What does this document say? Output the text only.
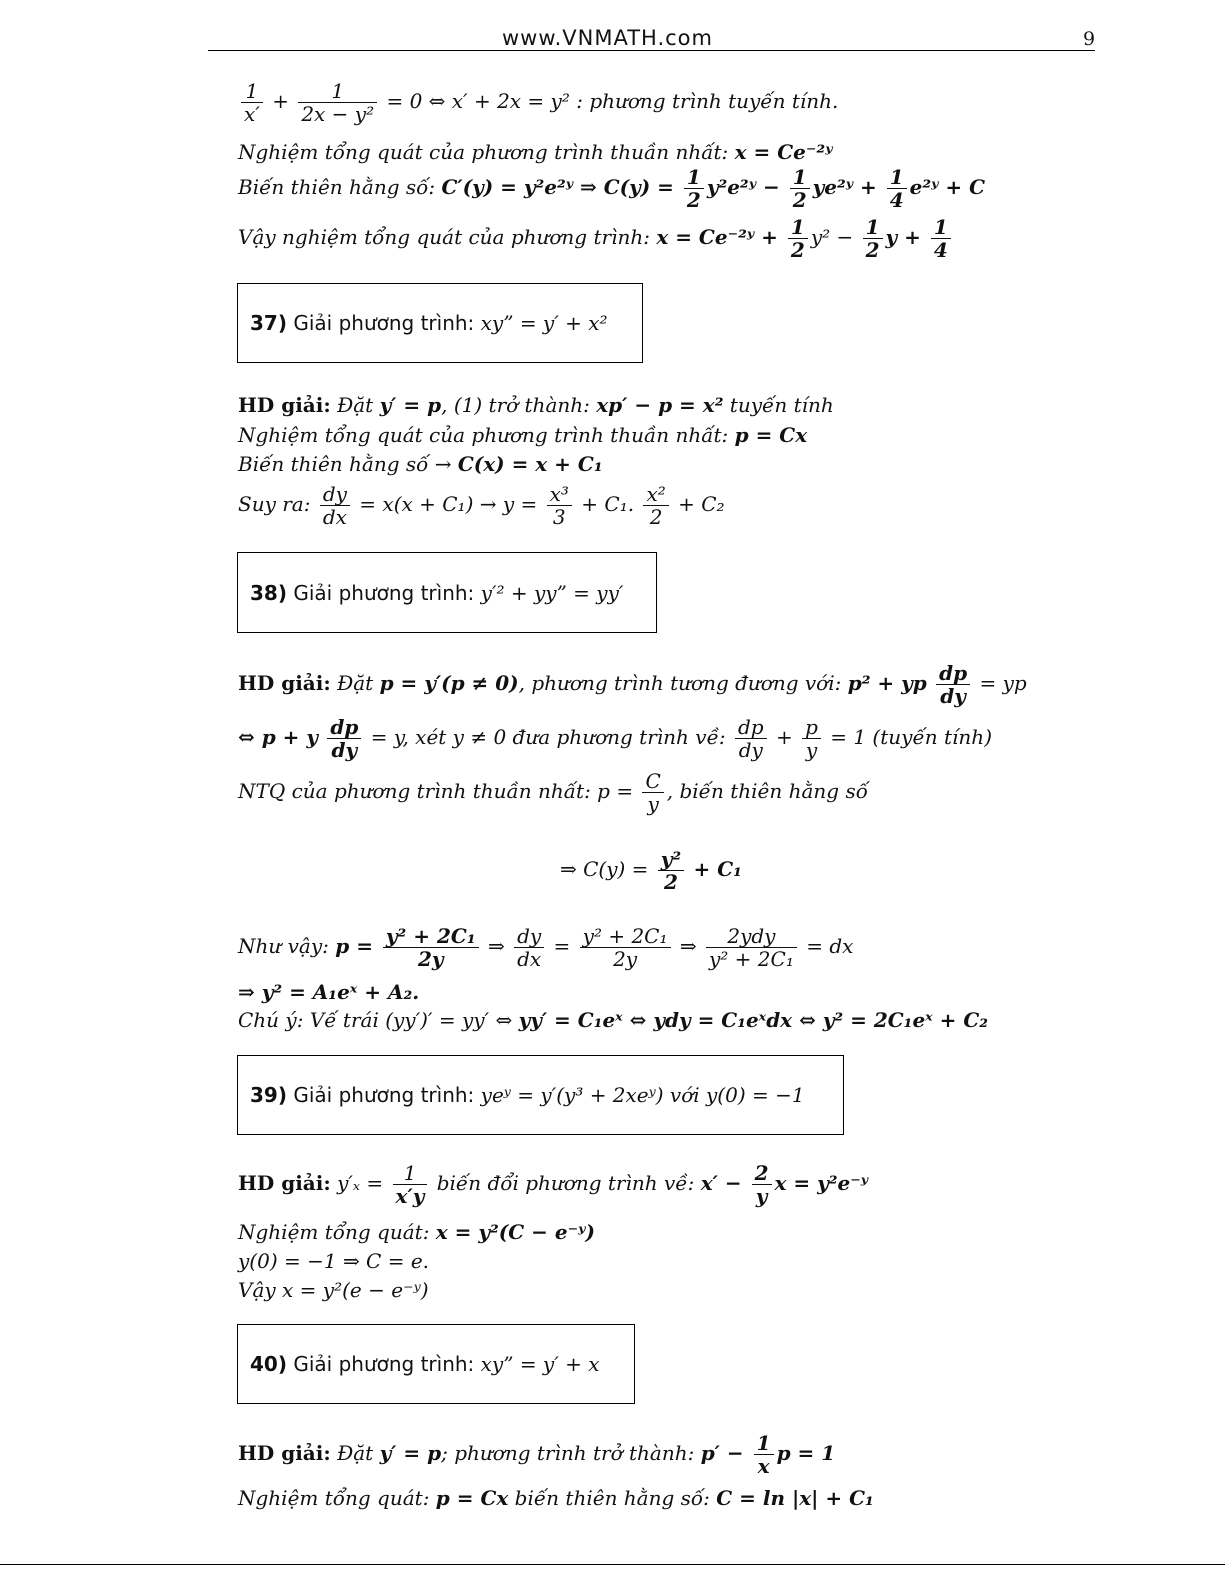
www.VNMATH.com	9
$\frac{1}{x'} + \frac{1}{\text{2x − y²}} = 0$ ⇔ x′ + 2x = y² : phương trình tuyến tính.
Nghiệm tổng quát của phương trình thuần nhất: x = Ce⁻²ʸ
Biến thiên hằng số: C′(y) = y²e²ʸ ⇒ $C(y) = \frac{1}{2}$ y²e²ʸ − $\frac{1}{2}$ ye²ʸ + $\frac{1}{4}$ e²ʸ + C
Vậy nghiệm tổng quát của phương trình: x = Ce⁻²ʸ + $\frac{1}{2} y^2 - \frac{1}{2}$ $y + \frac{1}{4}$
37) Giải phương trình: xy” = y′ + x²
HD giải: Đặt y′ = p, (1) trở thành: xp′ − p = x² tuyến tính
Nghiệm tổng quát của phương trình thuần nhất: p = Cx
Biến thiên hằng số → C(x) = x + C₁
Suy ra: $\frac{dy}{dx} = x(x + C_1) \to y = \frac{\text{x³}}{3} + C_1$. $\frac{\text{x²}}{2} + C_2$
38) Giải phương trình: y′² + yy” = yy′
HD giải: Đặt p = y′(p ≠ 0), phương trình tương đương với: p² + yp $\frac{dp}{dy}$ = yp
⇔ p + y $\frac{dp}{dy} = y$, xét y ≠ 0 đưa phương trình về: $\frac{dp}{dy} + \frac{p}{y} = 1$ (tuyến tính)
NTQ của phương trình thuần nhất: $p = \frac{C}{y}$ , biến thiên hằng số
⇒ $C(y) = \frac{\text{y²}}{2} + C_1$
Như vậy: $p = \frac{\text{y² + 2C₁}}{2y}$ ⇒ $\frac{dy}{dx} = \frac{\text{y² + 2C₁}}{2y}$ ⇒ $\frac{\text{2ydy}}{\text{y² + 2C₁}}$ = dx
⇒ y² = A₁eˣ + A₂.
Chú ý: Vế trái (yy′)′ = yy′ ⇔ yy′ = C₁eˣ ⇔ ydy = C₁eˣdx ⇔ y² = 2C₁eˣ + C₂
39) Giải phương trình: yeʸ = y′(y³ + 2xeʸ) với y(0) = −1
HD giải: $y'_x = \frac{1}{x'y}$ biến đổi phương trình về: $x' - \frac{2}{y}$ x = y²e⁻ʸ
Nghiệm tổng quát: x = y²(C − e⁻ʸ)
y(0) = −1 ⇒ C = e.
Vậy x = y²(e − e⁻ʸ)
40) Giải phương trình: xy” = y′ + x
HD giải: Đặt y′ = p; phương trình trở thành: $p' - \frac{1}{x}$ p = 1
Nghiệm tổng quát: p = Cx biến thiên hằng số: C = ln |x| + C₁
